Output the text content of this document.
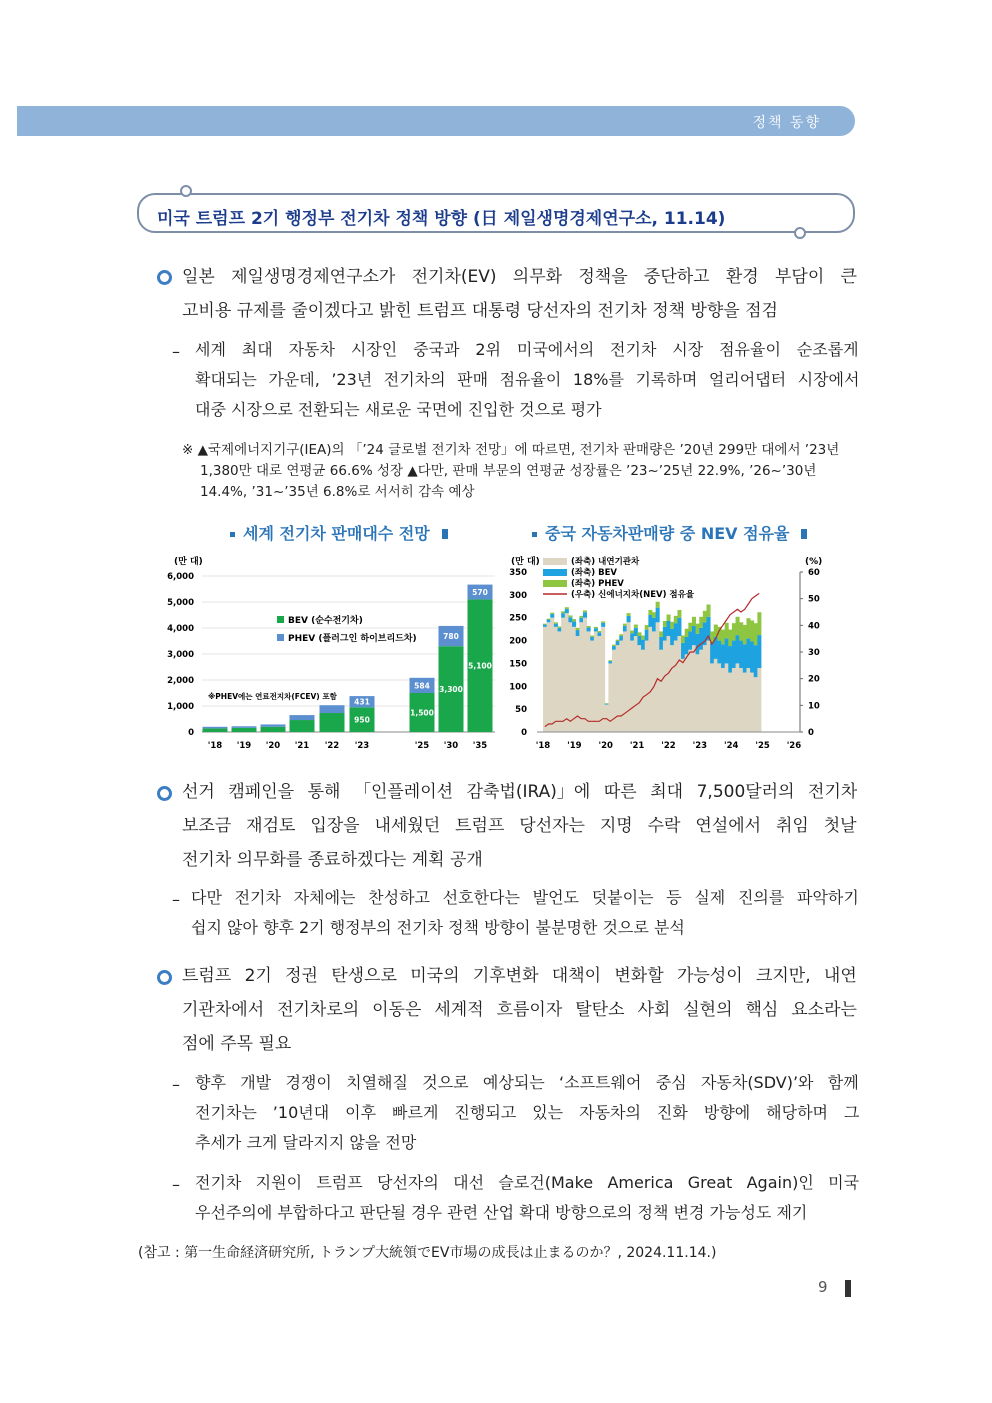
정책 동향
미국 트럼프 2기 행정부 전기차 정책 방향 (日 제일생명경제연구소, 11.14)
일본 제일생명경제연구소가 전기차(EV) 의무화 정책을 중단하고 환경 부담이 큰
고비용 규제를 줄이겠다고 밝힌 트럼프 대통령 당선자의 전기차 정책 방향을 점검
– 세계 최대 자동차 시장인 중국과 2위 미국에서의 전기차 시장 점유율이 순조롭게
확대되는 가운데, ’23년 전기차의 판매 점유율이 18%를 기록하며 얼리어댑터 시장에서
대중 시장으로 전환되는 새로운 국면에 진입한 것으로 평가
※ ▲국제에너지기구(IEA)의 「’24 글로벌 전기차 전망」에 따르면, 전기차 판매량은 ’20년 299만 대에서 ’23년
1,380만 대로 연평균 66.6% 성장 ▲다만, 판매 부문의 연평균 성장률은 ’23~’25년 22.9%, ’26~’30년
14.4%, ’31~’35년 6.8%로 서서히 감속 예상
세계 전기차 판매대수 전망	중국 자동차판매량 중 NEV 점유율
(만 대)
0
1,000
2,000
3,000
4,000
5,000
6,000
'18 '19 '20 '21 '22 '23	'25 '30 '35
950
431
1,500
584 3,300
780
5,100
570
BEV (순수전기차)
PHEV (플러그인 하이브리드차)
※PHEV에는 연료전지차(FCEV) 포함
(만 대)	(%)
0
50
100
150
200
250
300
350
0
10
20
30
40
50
60
'18 '19 '20 '21 '22 '23 '24 '25 '26
(좌축) 내연기관차
(좌축) BEV
(좌축) PHEV
(우축) 신에너지차(NEV) 점유율
선거 캠페인을 통해 「인플레이션 감축법(IRA)」에 따른 최대 7,500달러의 전기차
보조금 재검토 입장을 내세웠던 트럼프 당선자는 지명 수락 연설에서 취임 첫날
전기차 의무화를 종료하겠다는 계획 공개
– 다만 전기차 자체에는 찬성하고 선호한다는 발언도 덧붙이는 등 실제 진의를 파악하기
쉽지 않아 향후 2기 행정부의 전기차 정책 방향이 불분명한 것으로 분석
트럼프 2기 정권 탄생으로 미국의 기후변화 대책이 변화할 가능성이 크지만, 내연
기관차에서 전기차로의 이동은 세계적 흐름이자 탈탄소 사회 실현의 핵심 요소라는
점에 주목 필요
– 향후 개발 경쟁이 치열해질 것으로 예상되는 ‘소프트웨어 중심 자동차(SDV)’와 함께
전기차는 ’10년대 이후 빠르게 진행되고 있는 자동차의 진화 방향에 해당하며 그
추세가 크게 달라지지 않을 전망
– 전기차 지원이 트럼프 당선자의 대선 슬로건(Make America Great Again)인 미국
우선주의에 부합하다고 판단될 경우 관련 산업 확대 방향으로의 정책 변경 가능성도 제기
(참고 : 第一生命経済研究所, トランプ大統領でEV市場の成長は止まるのか？, 2024.11.14.)
9
